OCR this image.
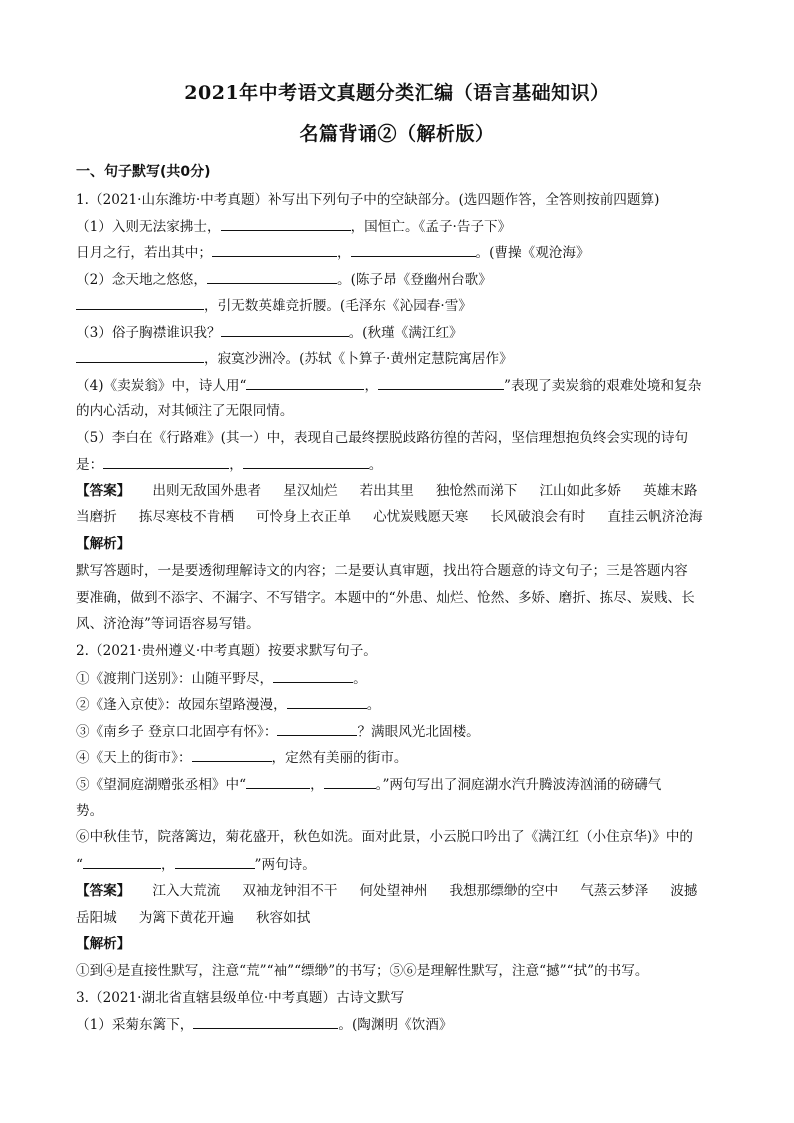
2021年中考语文真题分类汇编（语言基础知识）
名篇背诵②（解析版）
一、句子默写(共0分)
1.（2021·山东潍坊·中考真题）补写出下列句子中的空缺部分。(选四题作答，全答则按前四题算)
（1）入则无法家拂士，	，国恒亡。《孟子·告子下》
日月之行，若出其中；	，	。(曹操《观沧海》
（2）念天地之悠悠，	。(陈子昂《登幽州台歌》
，引无数英雄竞折腰。(毛泽东《沁园春·雪》
（3）俗子胸襟谁识我？	。(秋瑾《满江红》
，寂寞沙洲冷。(苏轼《卜算子·黄州定慧院寓居作》
（4)《卖炭翁》中，诗人用“	，	”表现了卖炭翁的艰难处境和复杂
的内心活动，对其倾注了无限同情。
（5）李白在《行路难》(其一）中，表现自己最终摆脱歧路彷徨的苦闷，坚信理想抱负终会实现的诗句
是：	，	。
【答案】 出则无敌国外患者 星汉灿烂 若出其里 独怆然而涕下 江山如此多娇 英雄末路
当磨折 拣尽寒枝不肯栖 可怜身上衣正单 心忧炭贱愿天寒 长风破浪会有时 直挂云帆济沧海
【解析】
默写答题时，一是要透彻理解诗文的内容；二是要认真审题，找出符合题意的诗文句子；三是答题内容
要准确，做到不添字、不漏字、不写错字。本题中的“外患、灿烂、怆然、多娇、磨折、拣尽、炭贱、长
风、济沧海”等词语容易写错。
2.（2021·贵州遵义·中考真题）按要求默写句子。
①《渡荆门送别》：山随平野尽，	。
②《逢入京使》：故园东望路漫漫，	。
③《南乡子 登京口北固亭有怀》：	？满眼风光北固楼。
④《天上的街市》：	，定然有美丽的街市。
⑤《望洞庭湖赠张丞相》中“	，	。”两句写出了洞庭湖水汽升腾波涛汹涌的磅礴气
势。
⑥中秋佳节，院落篱边，菊花盛开，秋色如洗。面对此景，小云脱口吟出了《满江红（小住京华)》中的
“	，	”两句诗。
【答案】 江入大荒流 双袖龙钟泪不干 何处望神州 我想那缥缈的空中 气蒸云梦泽 波撼
岳阳城 为篱下黄花开遍 秋容如拭
【解析】
①到④是直接性默写，注意“荒”“袖”“缥缈”的书写；⑤⑥是理解性默写，注意“撼”“拭”的书写。
3.（2021·湖北省直辖县级单位·中考真题）古诗文默写
（1）采菊东篱下，	。(陶渊明《饮酒》
